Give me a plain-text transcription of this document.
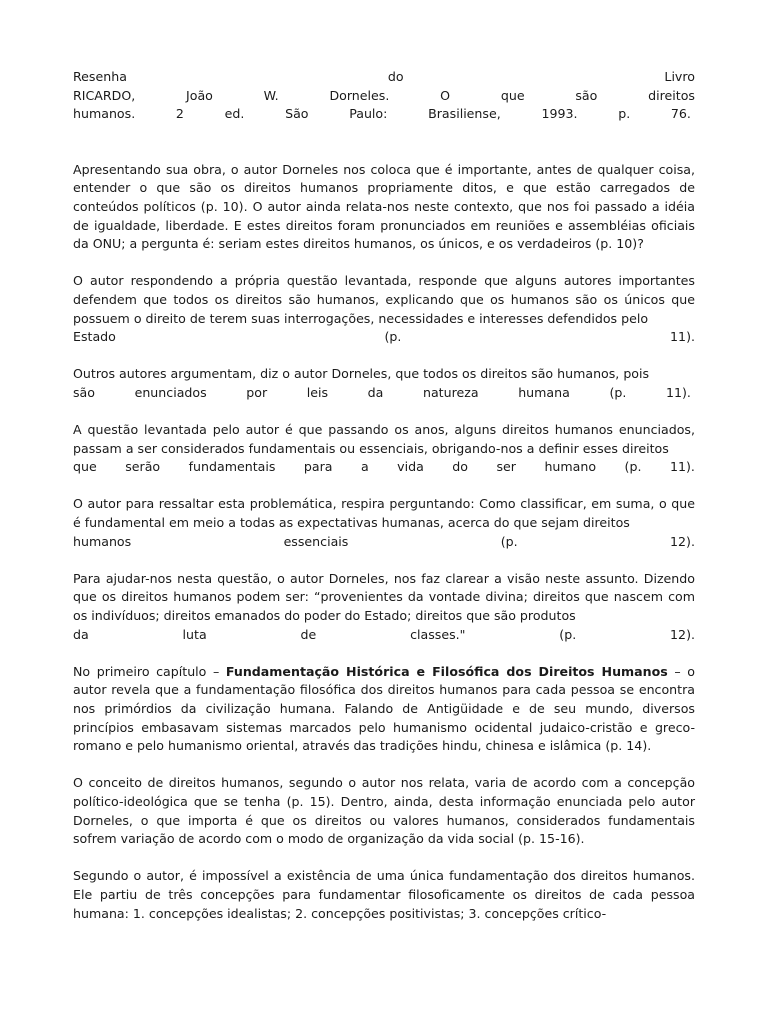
Resenha	do	Livro
RICARDO,	João	W.	Dorneles.	O	que	são	direitos
humanos.	2	ed.	São	Paulo:	Brasiliense,	1993.	p.	76.

Apresentando sua obra, o autor Dorneles nos coloca que é importante, antes de qualquer coisa, entender o que são os direitos humanos propriamente ditos, e que estão carregados de conteúdos políticos (p. 10). O autor ainda relata-nos neste contexto, que nos foi passado a idéia de igualdade, liberdade. E estes direitos foram pronunciados em reuniões e assembléias oficiais da ONU; a pergunta é: seriam estes direitos humanos, os únicos, e os verdadeiros (p. 10)?

O autor respondendo a própria questão levantada, responde que alguns autores importantes defendem que todos os direitos são humanos, explicando que os humanos são os únicos que possuem o direito de terem suas interrogações, necessidades e interesses defendidos pelo

Estado	(p.	11).

Outros autores argumentam, diz o autor Dorneles, que todos os direitos são humanos, pois

são	enunciados	por	leis	da	natureza	humana	(p.	11).

A questão levantada pelo autor é que passando os anos, alguns direitos humanos enunciados, passam a ser considerados fundamentais ou essenciais, obrigando-nos a definir esses direitos

que serão fundamentais para a vida do ser humano (p. 11).

O autor para ressaltar esta problemática, respira perguntando: Como classificar, em suma, o que é fundamental em meio a todas as expectativas humanas, acerca do que sejam direitos

humanos	essenciais	(p.	12).

Para ajudar-nos nesta questão, o autor Dorneles, nos faz clarear a visão neste assunto. Dizendo que os direitos humanos podem ser: “provenientes da vontade divina; direitos que nascem com os indivíduos; direitos emanados do poder do Estado; direitos que são produtos

da	luta	de	classes."	(p.	12).

No primeiro capítulo – Fundamentação Histórica e Filosófica dos Direitos Humanos – o autor revela que a fundamentação filosófica dos direitos humanos para cada pessoa se encontra nos primórdios da civilização humana. Falando de Antigüidade e de seu mundo, diversos princípios embasavam sistemas marcados pelo humanismo ocidental judaico-cristão e greco-romano e pelo humanismo oriental, através das tradições hindu, chinesa e islâmica (p. 14).

O conceito de direitos humanos, segundo o autor nos relata, varia de acordo com a concepção político-ideológica que se tenha (p. 15). Dentro, ainda, desta informação enunciada pelo autor Dorneles, o que importa é que os direitos ou valores humanos, considerados fundamentais sofrem variação de acordo com o modo de organização da vida social (p. 15-16).

Segundo o autor, é impossível a existência de uma única fundamentação dos direitos humanos. Ele partiu de três concepções para fundamentar filosoficamente os direitos de cada pessoa humana: 1. concepções idealistas; 2. concepções positivistas; 3. concepções crítico-
